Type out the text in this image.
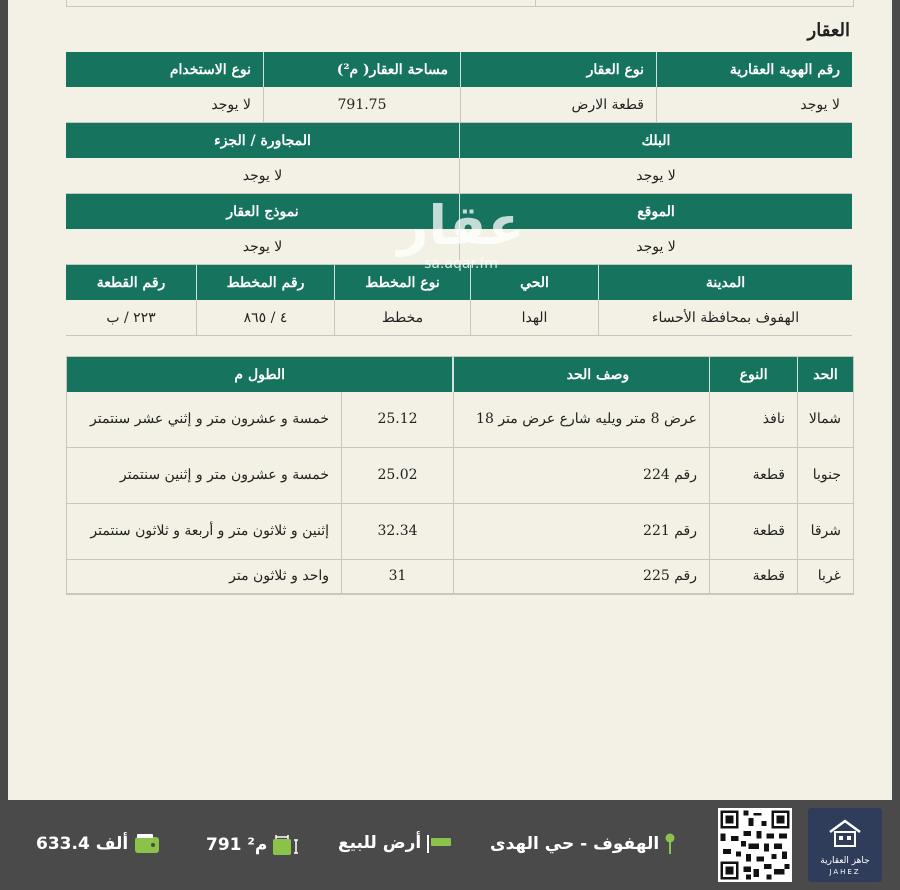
العقار
رقم الهوية العقارية
نوع العقار
مساحة العقار( م²)
نوع الاستخدام
لا يوجد
قطعة الارض
791.75
لا يوجد
البلك
المجاورة / الجزء
لا يوجد
لا يوجد
الموقع
نموذج العقار
لا يوجد
لا يوجد
المدينة
الحي
نوع المخطط
رقم المخطط
رقم القطعة
الهفوف بمحافظة الأحساء
الهدا
مخطط
٤ / ٨٦٥
٢٢٣ / ب
عقار
sa.aqar.fm
الحد
النوع
وصف الحد
الطول م
شمالا
نافذ
عرض 8 متر ويليه شارع عرض متر 18
25.12
خمسة و عشرون متر و إثني عشر سنتمتر
جنوبا
قطعة
رقم 224
25.02
خمسة و عشرون متر و إثنين سنتمتر
شرقا
قطعة
رقم 221
32.34
إثنين و ثلاثون متر و أربعة و ثلاثون سنتمتر
غربا
قطعة
رقم 225
31
واحد و ثلاثون متر
الهفوف - حي الهدى
أرض للبيع
791 م²
633.4 ألف
جاهز العقارية
JAHEZ
